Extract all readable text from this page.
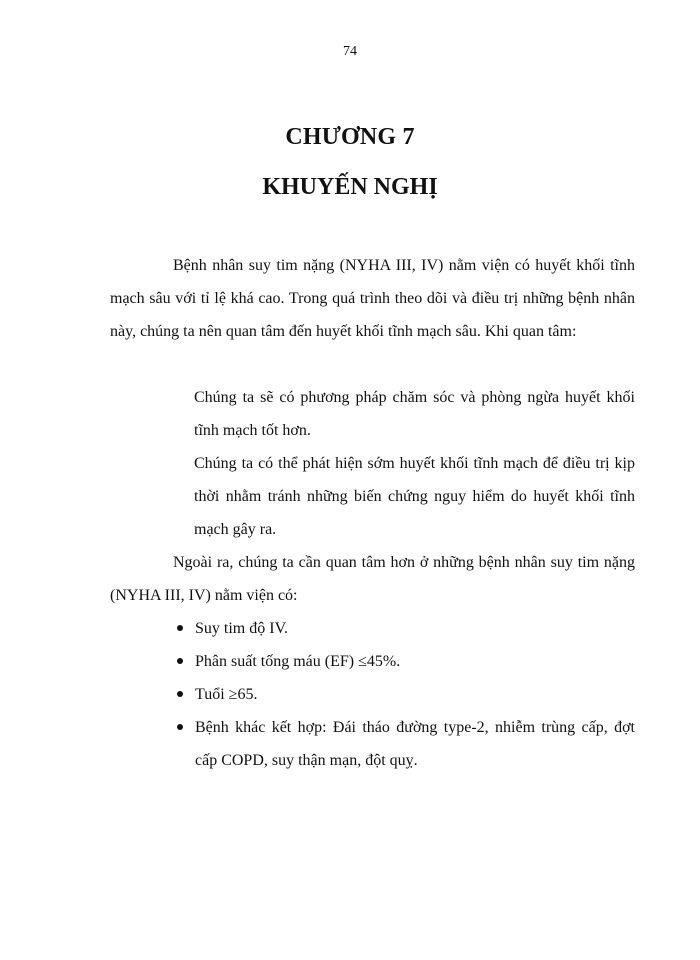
74
CHƯƠNG 7
KHUYẾN NGHỊ

Bệnh nhân suy tim nặng (NYHA III, IV) nằm viện có huyết khối tĩnh mạch sâu với tỉ lệ khá cao. Trong quá trình theo dõi và điều trị những bệnh nhân này, chúng ta nên quan tâm đến huyết khối tĩnh mạch sâu. Khi quan tâm:

Chúng ta sẽ có phương pháp chăm sóc và phòng ngừa huyết khối tĩnh mạch tốt hơn.

Chúng ta có thể phát hiện sớm huyết khối tĩnh mạch để điều trị kịp thời nhằm tránh những biến chứng nguy hiểm do huyết khối tĩnh mạch gây ra.

Ngoài ra, chúng ta cần quan tâm hơn ở những bệnh nhân suy tim nặng (NYHA III, IV) nằm viện có:

Suy tim độ IV.
Phân suất tống máu (EF) ≤45%.
Tuổi ≥65.
Bệnh khác kết hợp: Đái tháo đường type-2, nhiễm trùng cấp, đợt cấp COPD, suy thận mạn, đột quỵ.
